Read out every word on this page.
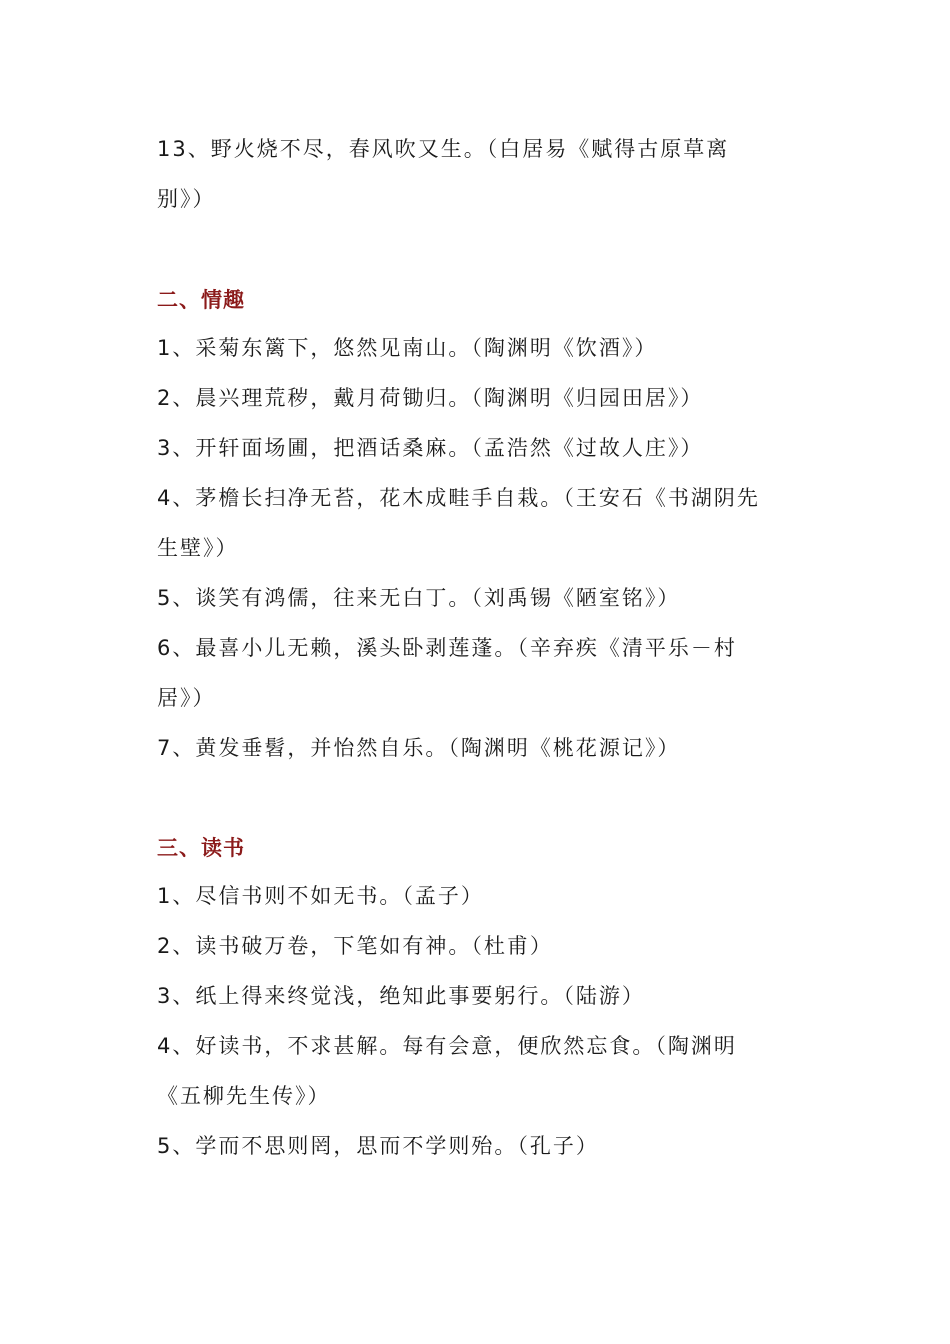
13、野火烧不尽，春风吹又生。（白居易《赋得古原草离
别》）
二、情趣
1、采菊东篱下，悠然见南山。（陶渊明《饮酒》）
2、晨兴理荒秽，戴月荷锄归。（陶渊明《归园田居》）
3、开轩面场圃，把酒话桑麻。（孟浩然《过故人庄》）
4、茅檐长扫净无苔，花木成畦手自栽。（王安石《书湖阴先
生壁》）
5、谈笑有鸿儒，往来无白丁。（刘禹锡《陋室铭》）
6、最喜小儿无赖，溪头卧剥莲蓬。（辛弃疾《清平乐－村
居》）
7、黄发垂髫，并怡然自乐。（陶渊明《桃花源记》）
三、读书
1、尽信书则不如无书。（孟子）
2、读书破万卷，下笔如有神。（杜甫）
3、纸上得来终觉浅，绝知此事要躬行。（陆游）
4、好读书，不求甚解。每有会意，便欣然忘食。（陶渊明
《五柳先生传》）
5、学而不思则罔，思而不学则殆。（孔子）
